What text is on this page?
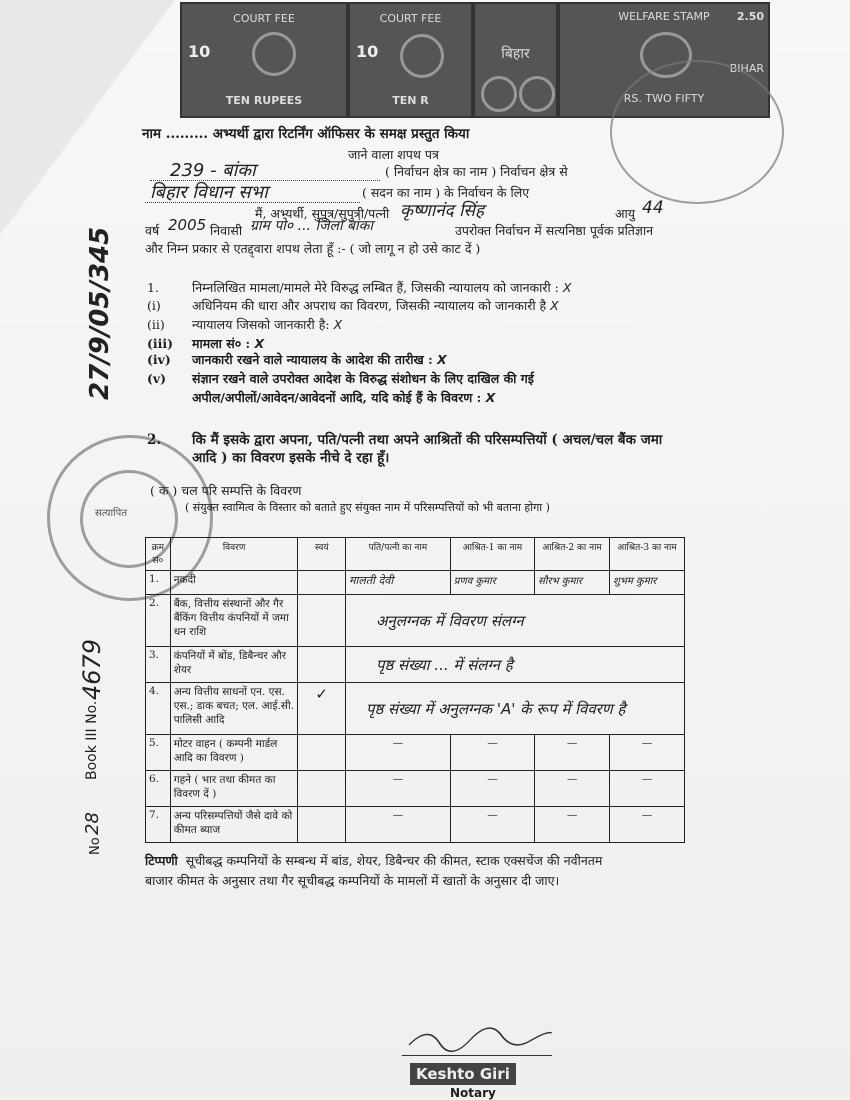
COURT FEE
10
TEN RUPEES
COURT FEE
10
TEN R
बिहार
WELFARE STAMP	2.50
BIHAR
RS. TWO FIFTY
सत्यापित
नाम ......... अभ्यर्थी द्वारा रिटर्निंग ऑफिसर के समक्ष प्रस्तुत किया
जाने वाला शपथ पत्र
239 - बांका	( निर्वाचन क्षेत्र का नाम ) निर्वाचन क्षेत्र से
बिहार विधान सभा	( सदन का नाम ) के निर्वाचन के लिए
मैं, अभ्यर्थी, सुपुत्र/सुपुत्री/पत्नी कृष्णानंद सिंह	आयु 44
वर्ष 2005 निवासी ग्राम पो० ... जिला बांका	उपरोक्त निर्वाचन में सत्यनिष्ठा पूर्वक प्रतिज्ञान
और निम्न प्रकार से एतद्द्वारा शपथ लेता हूँ :- ( जो लागू न हो उसे काट दें )
1.	निम्नलिखित मामला/मामले मेरे विरुद्ध लम्बित हैं, जिसकी न्यायालय को जानकारी : X
(i) अधिनियम की धारा और अपराध का विवरण, जिसकी न्यायालय को जानकारी है X
(ii) न्यायालय जिसको जानकारी है: X
(iii) मामला सं० : X
(iv) जानकारी रखने वाले न्यायालय के आदेश की तारीख : X
(v) संज्ञान रखने वाले उपरोक्त आदेश के विरुद्ध संशोधन के लिए दाखिल की गई
अपील/अपीलों/आवेदन/आवेदनों आदि, यदि कोई हैं के विवरण : X
2. कि मैं इसके द्वारा अपना, पति/पत्नी तथा अपने आश्रितों की परिसम्पत्तियों ( अचल/चल बैंक जमा
आदि ) का विवरण इसके नीचे दे रहा हूँ।
( क ) चल परि सम्पत्ति के विवरण
( संयुक्त स्वामित्व के विस्तार को बताते हुए संयुक्त नाम में परिसम्पत्तियों को भी बताना होगा )
क्रम सं०	विवरण	स्वयं	पति/पत्नी का नाम	आश्रित-1 का नाम	आश्रित-2 का नाम	आश्रित-3 का नाम
1.	नकदी		मालती देवी	प्रणव कुमार	सौरभ कुमार	शुभम कुमार
2.	बैंक, वित्तीय संस्थानों और गैर बैंकिंग वित्तीय कंपनियों में जमा धन राशि		अनुलग्नक में विवरण संलग्न			
3.	कंपनियों में बोंड, डिबैन्चर और शेयर		पृष्ठ संख्या ... में संलग्न है			
4.	अन्य वित्तीय साधनों एन. एस. एस.; डाक बचत; एल. आई.सी. पालिसी आदि	✓	पृष्ठ संख्या में अनुलग्नक 'A' के रूप में विवरण है			
5.	मोटर वाहन ( कम्पनी मार्डल आदि का विवरण )		—	—	—	—
6.	गहने ( भार तथा कीमत का विवरण दें )		—	—	—	—
7.	अन्य परिसम्पत्तियों जैसे दावे को कीमत ब्याज		—	—	—	—
टिप्पणी सूचीबद्ध कम्पनियों के सम्बन्ध में बांड, शेयर, डिबैन्चर की कीमत, स्टाक एक्सचेंज की नवीनतम
बाजार कीमत के अनुसार तथा गैर सूचीबद्ध कम्पनियों के मामलों में खातों के अनुसार दी जाए।
27/9/05/345
4679
Book III No.
No
28
Keshto Giri
Notary
